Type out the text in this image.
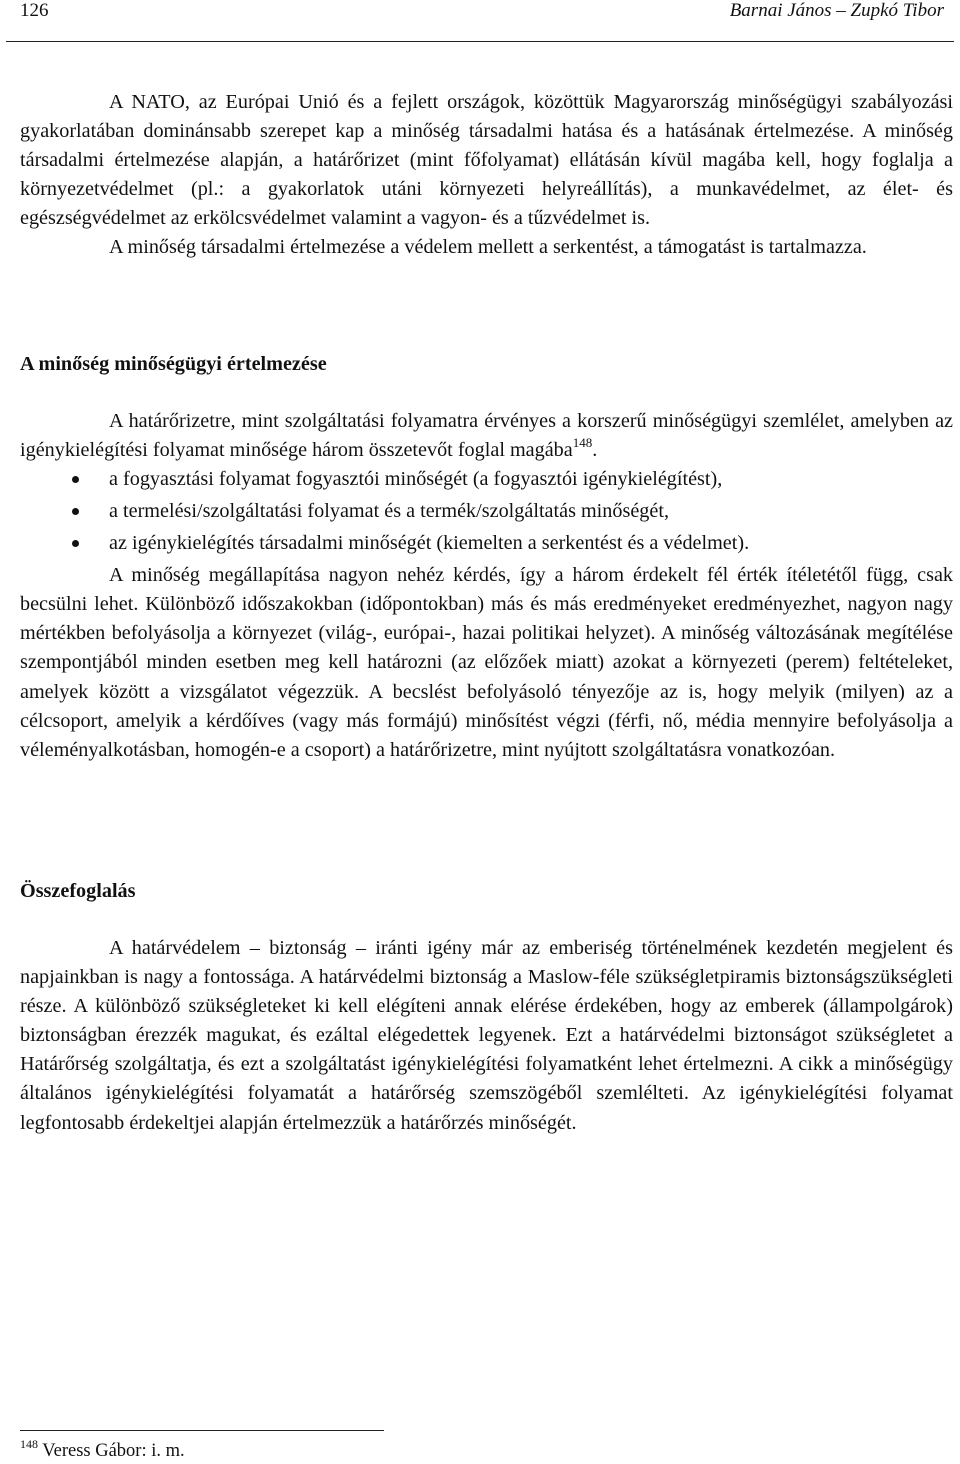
126	Barnai János – Zupkó Tibor

A NATO, az Európai Unió és a fejlett országok, közöttük Magyarország minőségügyi szabályozási gyakorlatában dominánsabb szerepet kap a minőség társadalmi hatása és a hatásának értelmezése. A minőség társadalmi értelmezése alapján, a határőrizet (mint főfolyamat) ellátásán kívül magába kell, hogy foglalja a környezetvédelmet (pl.: a gyakorlatok utáni környezeti helyreállítás), a munkavédelmet, az élet- és egészségvédelmet az erkölcsvédelmet valamint a vagyon- és a tűzvédelmet is.

A minőség társadalmi értelmezése a védelem mellett a serkentést, a támogatást is tartalmazza.

A minőség minőségügyi értelmezése

A határőrizetre, mint szolgáltatási folyamatra érvényes a korszerű minőségügyi szemlélet, amelyben az igénykielégítési folyamat minősége három összetevőt foglal magába$^{148}$.

a fogyasztási folyamat fogyasztói minőségét (a fogyasztói igénykielégítést),
a termelési/szolgáltatási folyamat és a termék/szolgáltatás minőségét,
az igénykielégítés társadalmi minőségét (kiemelten a serkentést és a védelmet).

A minőség megállapítása nagyon nehéz kérdés, így a három érdekelt fél érték ítéletétől függ, csak becsülni lehet. Különböző időszakokban (időpontokban) más és más eredményeket eredményezhet, nagyon nagy mértékben befolyásolja a környezet (világ-, európai-, hazai politikai helyzet). A minőség változásának megítélése szempontjából minden esetben meg kell határozni (az előzőek miatt) azokat a környezeti (perem) feltételeket, amelyek között a vizsgálatot végezzük. A becslést befolyásoló tényezője az is, hogy melyik (milyen) az a célcsoport, amelyik a kérdőíves (vagy más formájú) minősítést végzi (férfi, nő, média mennyire befolyásolja a véleményalkotásban, homogén-e a csoport) a határőrizetre, mint nyújtott szolgáltatásra vonatkozóan.

Összefoglalás

A határvédelem – biztonság – iránti igény már az emberiség történelmének kezdetén megjelent és napjainkban is nagy a fontossága. A határvédelmi biztonság a Maslow-féle szükségletpiramis biztonságszükségleti része. A különböző szükségleteket ki kell elégíteni annak elérése érdekében, hogy az emberek (állampolgárok) biztonságban érezzék magukat, és ezáltal elégedettek legyenek. Ezt a határvédelmi biztonságot szükségletet a Határőrség szolgáltatja, és ezt a szolgáltatást igénykielégítési folyamatként lehet értelmezni. A cikk a minőségügy általános igénykielégítési folyamatát a határőrség szemszögéből szemlélteti. Az igénykielégítési folyamat legfontosabb érdekeltjei alapján értelmezzük a határőrzés minőségét.

$^{148}$ Veress Gábor: i. m.
